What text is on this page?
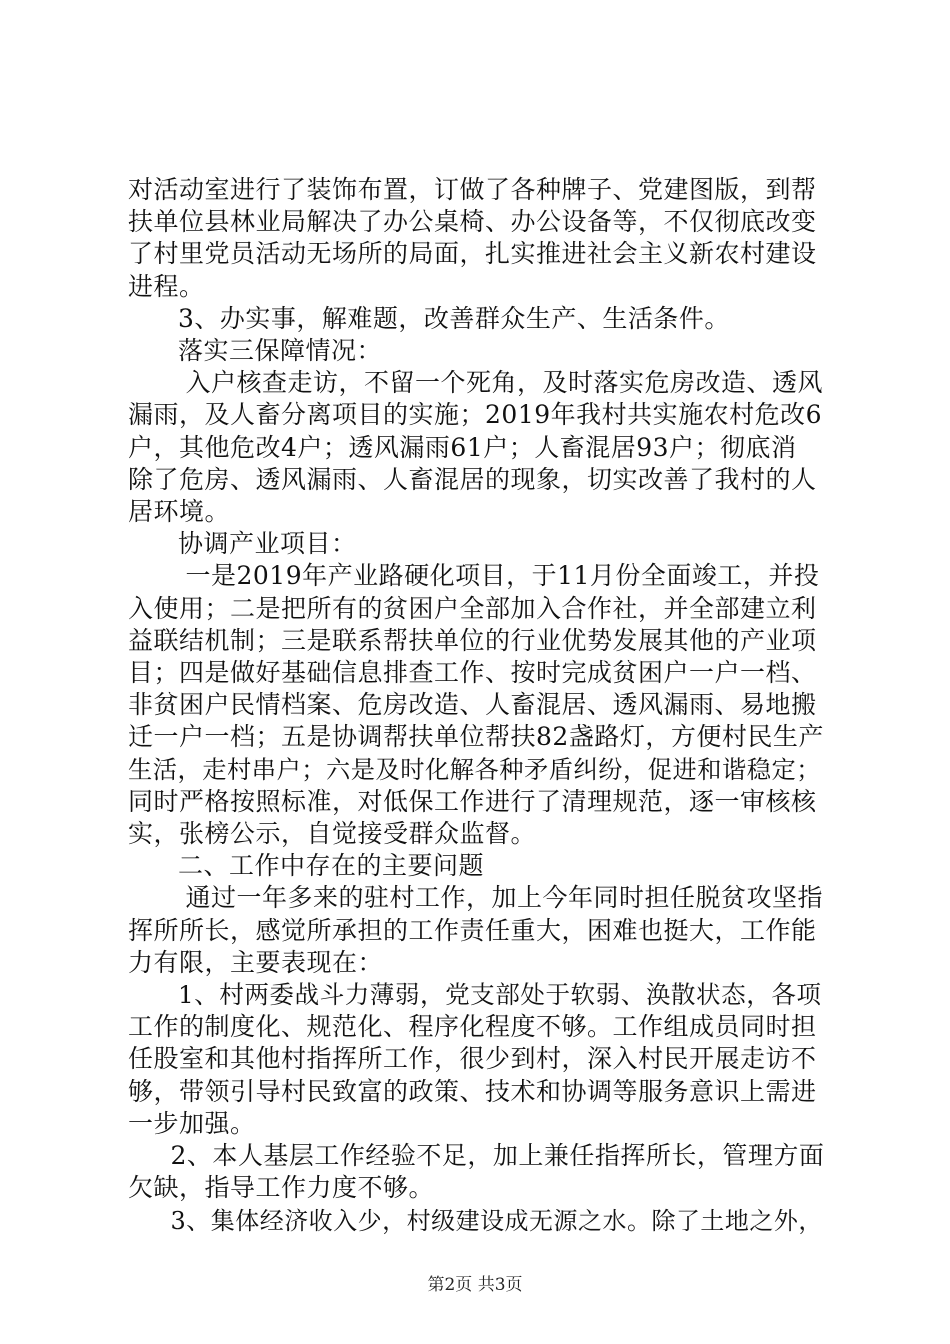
对活动室进行了装饰布置，订做了各种牌子、党建图版，到帮
扶单位县林业局解决了办公桌椅、办公设备等，不仅彻底改变
了村里党员活动无场所的局面，扎实推进社会主义新农村建设
进程。
3、办实事，解难题，改善群众生产、生活条件。
落实三保障情况：
入户核查走访，不留一个死角，及时落实危房改造、透风
漏雨，及人畜分离项目的实施；2019年我村共实施农村危改6
户，其他危改4户；透风漏雨61户；人畜混居93户；彻底消
除了危房、透风漏雨、人畜混居的现象，切实改善了我村的人
居环境。
协调产业项目：
一是2019年产业路硬化项目，于11月份全面竣工，并投
入使用；二是把所有的贫困户全部加入合作社，并全部建立利
益联结机制；三是联系帮扶单位的行业优势发展其他的产业项
目；四是做好基础信息排查工作、按时完成贫困户一户一档、
非贫困户民情档案、危房改造、人畜混居、透风漏雨、易地搬
迁一户一档；五是协调帮扶单位帮扶82盏路灯，方便村民生产
生活，走村串户；六是及时化解各种矛盾纠纷，促进和谐稳定；
同时严格按照标准，对低保工作进行了清理规范，逐一审核核
实，张榜公示，自觉接受群众监督。
二、工作中存在的主要问题
通过一年多来的驻村工作，加上今年同时担任脱贫攻坚指
挥所所长，感觉所承担的工作责任重大，困难也挺大，工作能
力有限，主要表现在：
1、村两委战斗力薄弱，党支部处于软弱、涣散状态，各项
工作的制度化、规范化、程序化程度不够。工作组成员同时担
任股室和其他村指挥所工作，很少到村，深入村民开展走访不
够，带领引导村民致富的政策、技术和协调等服务意识上需进
一步加强。
2、本人基层工作经验不足，加上兼任指挥所长，管理方面
欠缺，指导工作力度不够。
3、集体经济收入少，村级建设成无源之水。除了土地之外，
第2页 共3页
